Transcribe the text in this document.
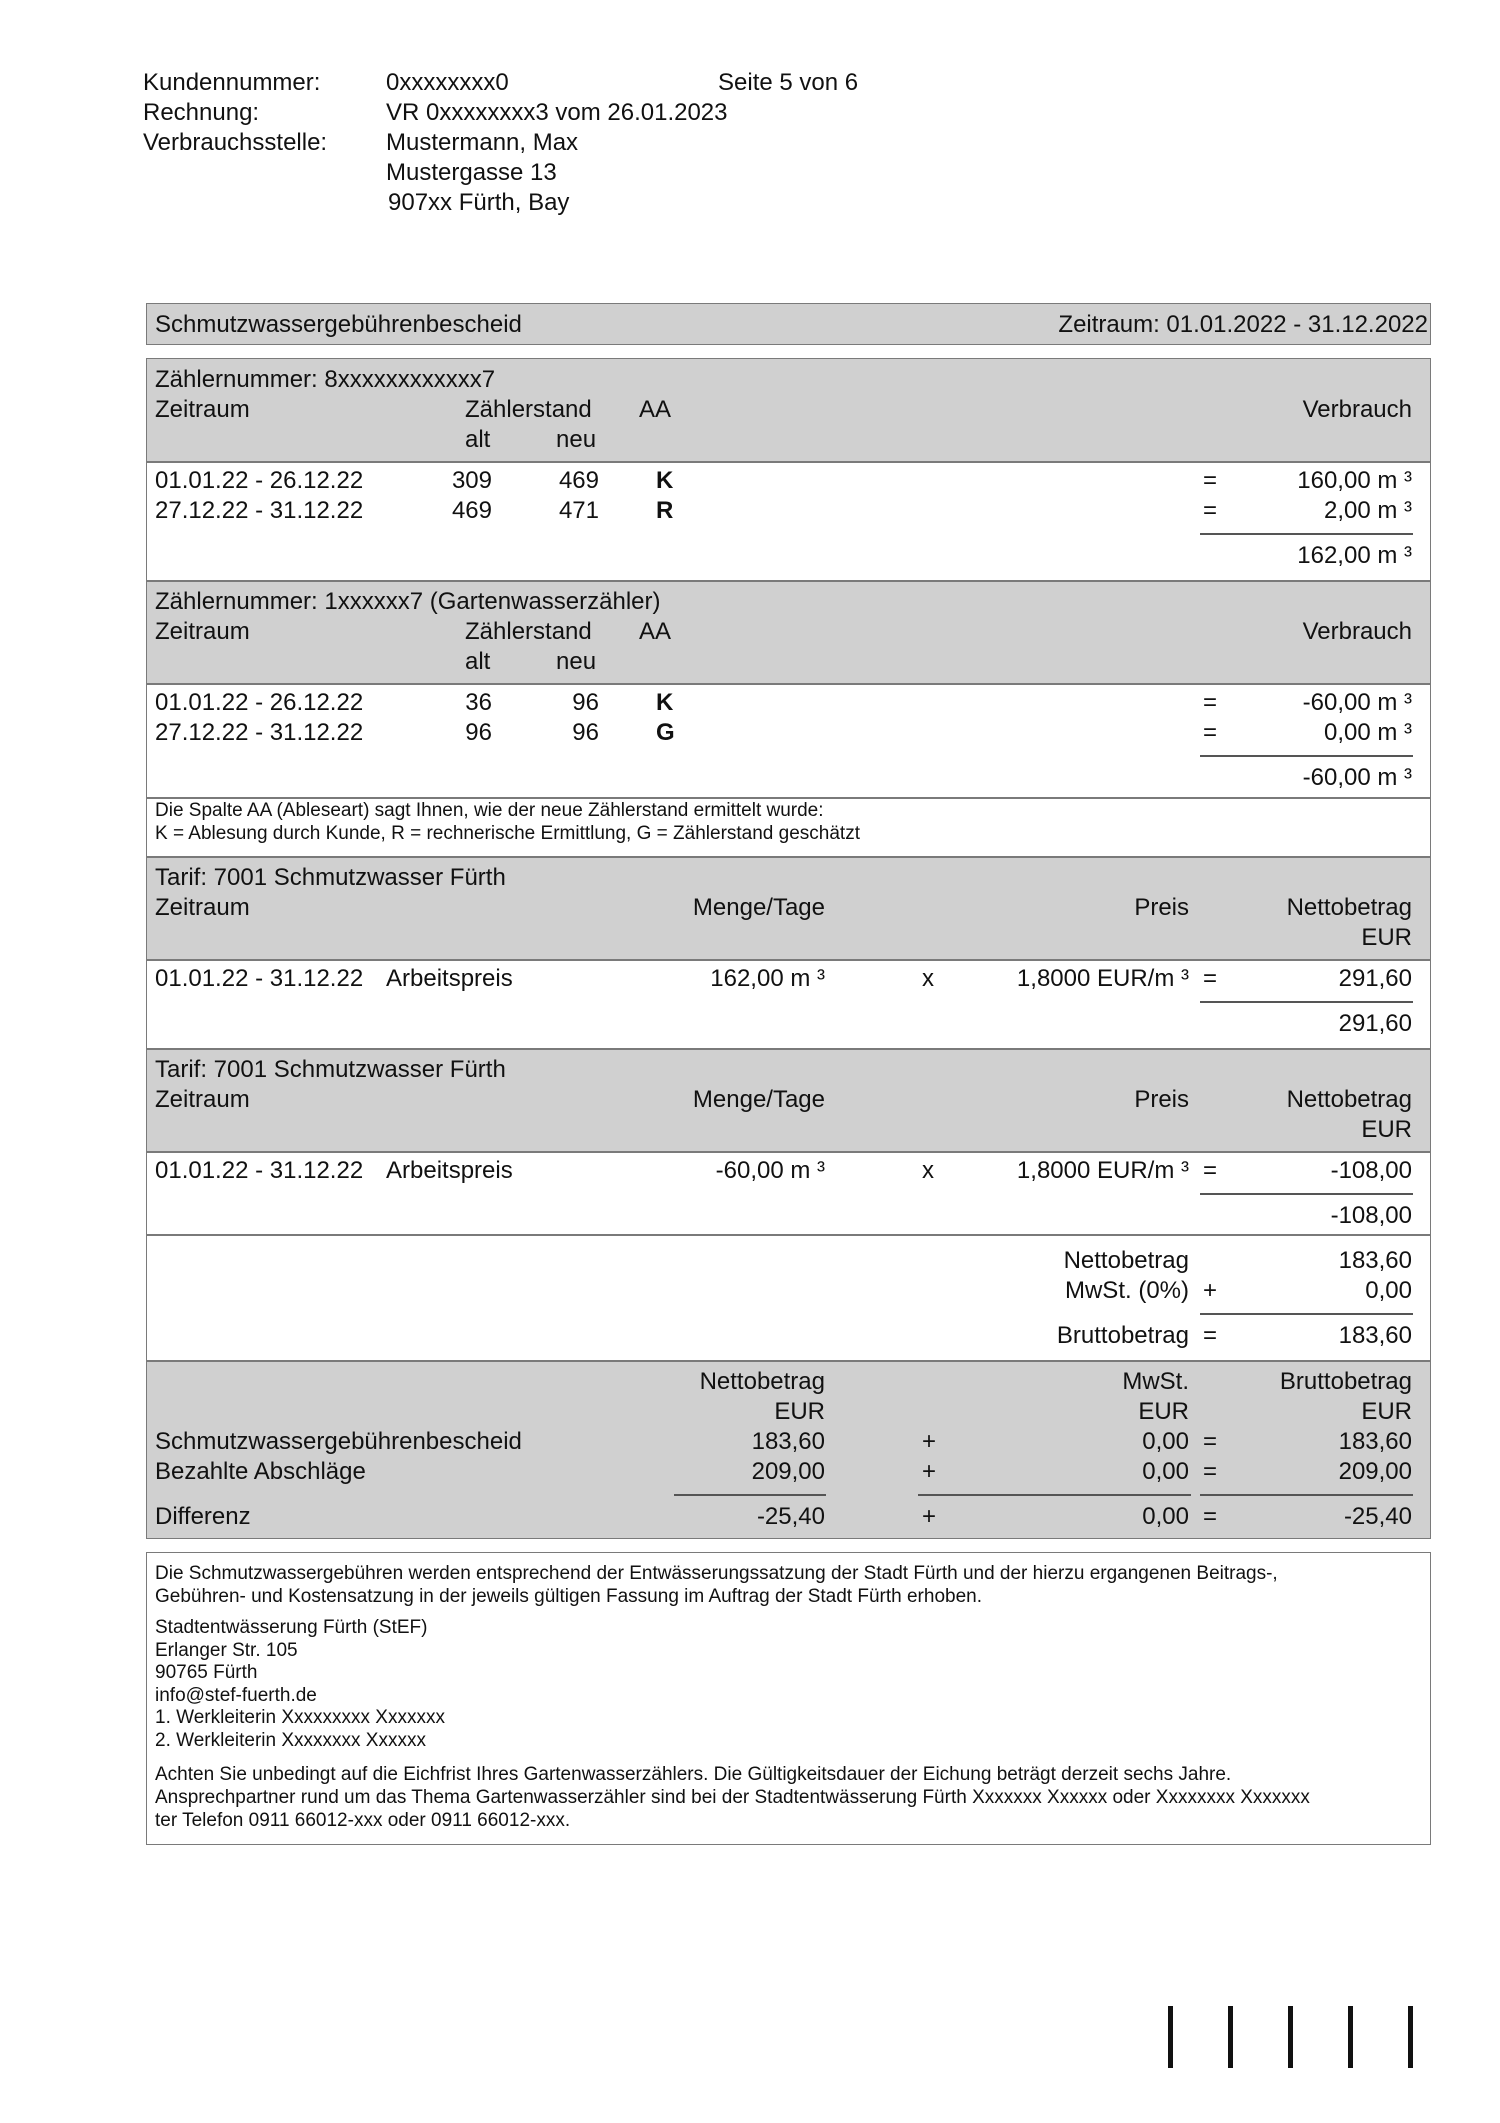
Kundennummer:	0xxxxxxxx0	Seite 5 von 6
Rechnung:	VR 0xxxxxxxx3 vom 26.01.2023
Verbrauchsstelle: Mustermann, Max
Mustergasse 13
907xx Fürth, Bay
Schmutzwassergebührenbescheid	Zeitraum: 01.01.2022 - 31.12.2022
Zählernummer: 8xxxxxxxxxxxx7
Zeitraum	Zählerstand AA	Verbrauch
alt	neu
01.01.22 - 26.12.22	309	469 K	=	160,00 m ³
27.12.22 - 31.12.22	469	471 R	=	2,00 m ³
162,00 m ³
Zählernummer: 1xxxxxx7 (Gartenwasserzähler)
Zeitraum	Zählerstand AA	Verbrauch
alt	neu
01.01.22 - 26.12.22	36	96 K	=	-60,00 m ³
27.12.22 - 31.12.22	96	96 G	=	0,00 m ³
-60,00 m ³
Die Spalte AA (Ableseart) sagt Ihnen, wie der neue Zählerstand ermittelt wurde:
K = Ablesung durch Kunde, R = rechnerische Ermittlung, G = Zählerstand geschätzt
Tarif: 7001 Schmutzwasser Fürth
Zeitraum	Menge/Tage	Preis	Nettobetrag
EUR
01.01.22 - 31.12.22 Arbeitspreis	162,00 m ³	x	1,8000 EUR/m ³ =	291,60
291,60
Tarif: 7001 Schmutzwasser Fürth
Zeitraum	Menge/Tage	Preis	Nettobetrag
EUR
01.01.22 - 31.12.22 Arbeitspreis	-60,00 m ³	x	1,8000 EUR/m ³ =	-108,00
-108,00
Nettobetrag	183,60
MwSt. (0%) +	0,00
Bruttobetrag =	183,60
Nettobetrag	MwSt.	Bruttobetrag
EUR	EUR	EUR
Schmutzwassergebührenbescheid	183,60	+	0,00 =	183,60
Bezahlte Abschläge	209,00	+	0,00 =	209,00
Differenz	-25,40	+	0,00 =	-25,40
Die Schmutzwassergebühren werden entsprechend der Entwässerungssatzung der Stadt Fürth und der hierzu ergangenen Beitrags-,
Gebühren- und Kostensatzung in der jeweils gültigen Fassung im Auftrag der Stadt Fürth erhoben.
Stadtentwässerung Fürth (StEF)
Erlanger Str. 105
90765 Fürth
info@stef-fuerth.de
1. Werkleiterin Xxxxxxxxx Xxxxxxx
2. Werkleiterin Xxxxxxxx Xxxxxx
Achten Sie unbedingt auf die Eichfrist Ihres Gartenwasserzählers. Die Gültigkeitsdauer der Eichung beträgt derzeit sechs Jahre.
Ansprechpartner rund um das Thema Gartenwasserzähler sind bei der Stadtentwässerung Fürth Xxxxxxx Xxxxxx oder Xxxxxxxx Xxxxxxx
ter Telefon 0911 66012-xxx oder 0911 66012-xxx.
